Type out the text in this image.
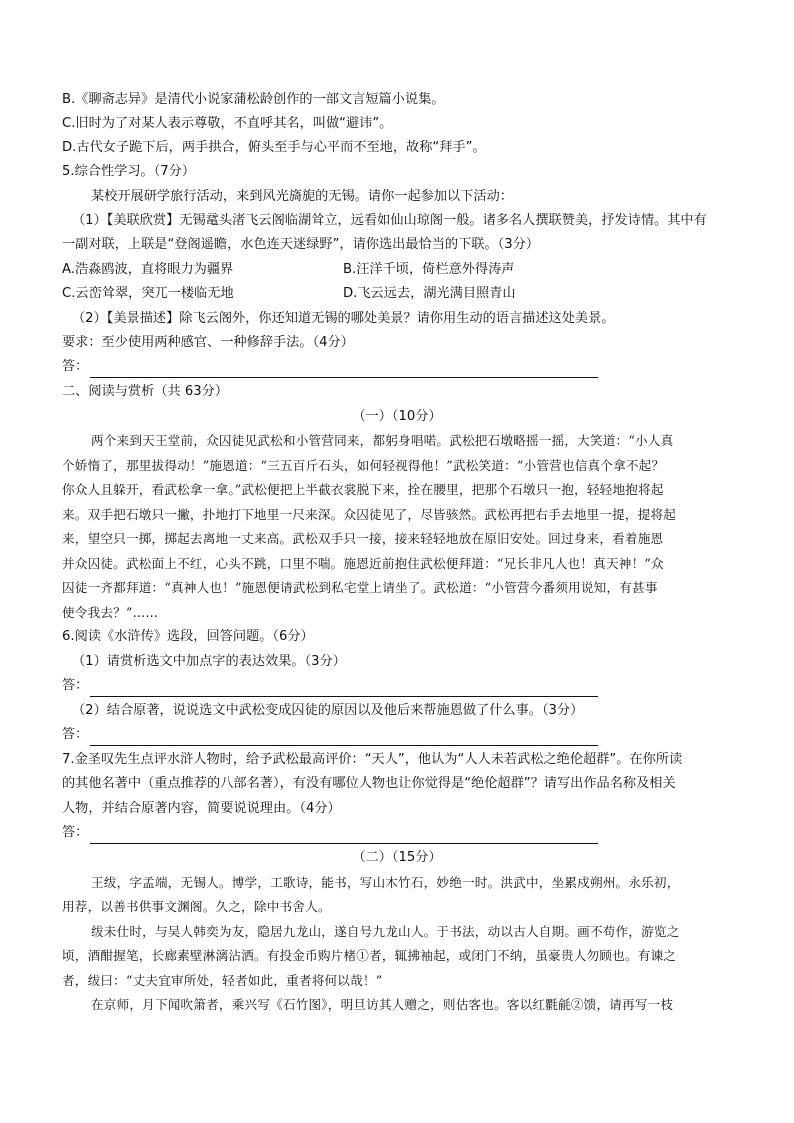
B.《聊斋志异》是清代小说家蒲松龄创作的一部文言短篇小说集。
C.旧时为了对某人表示尊敬，不直呼其名，叫做“避讳”。
D.古代女子跪下后，两手拱合，俯头至手与心平而不至地，故称“拜手”。
5.综合性学习。（7分）
某校开展研学旅行活动，来到风光旖旎的无锡。请你一起参加以下活动：
（1）【美联欣赏】无锡鼋头渚飞云阁临湖耸立，远看如仙山琼阁一般。诸多名人撰联赞美，抒发诗情。其中有
一副对联，上联是“登阁遥瞻，水色连天迷绿野”，请你选出最恰当的下联。（3分）
A.浩淼鸥波，直将眼力为疆界	B.汪洋千顷，倚栏意外得涛声
C.云峦耸翠，突兀一楼临无地	D.飞云远去，湖光满目照青山
（2）【美景描述】除飞云阁外，你还知道无锡的哪处美景？请你用生动的语言描述这处美景。
要求：至少使用两种感官、一种修辞手法。（4分）
答：
二、阅读与赏析（共 63分）
（一）（10分）
两个来到天王堂前，众囚徒见武松和小管营同来，都躬身唱喏。武松把石墩略摇一摇，大笑道：“小人真
个娇惰了，那里拔得动！”施恩道：“三五百斤石头，如何轻视得他！”武松笑道：“小管营也信真个拿不起？
你众人且躲开，看武松拿一拿。”武松便把上半截衣裳脱下来，拴在腰里，把那个石墩只一抱，轻轻地抱将起
来。双手把石墩只一撇，扑地打下地里一尺来深。众囚徒见了，尽皆骇然。武松再把右手去地里一提，提将起
来，望空只一掷，掷起去离地一丈来高。武松双手只一接，接来轻轻地放在原旧安处。回过身来，看着施恩
并众囚徒。武松面上不红，心头不跳，口里不喘。施恩近前抱住武松便拜道：“兄长非凡人也！真天神！”众
囚徒一齐都拜道：“真神人也！”施恩便请武松到私宅堂上请坐了。武松道：“小管营今番须用说知，有甚事
使令我去？”……
6.阅读《水浒传》选段，回答问题。（6分）
（1）请赏析选文中加点字的表达效果。（3分）
答：
（2）结合原著，说说选文中武松变成囚徒的原因以及他后来帮施恩做了什么事。（3分）
答：
7.金圣叹先生点评水浒人物时，给予武松最高评价：“天人”，他认为“人人未若武松之绝伦超群”。在你所读
的其他名著中（重点推荐的八部名著），有没有哪位人物也让你觉得是“绝伦超群”？请写出作品名称及相关
人物，并结合原著内容，简要说说理由。（4分）
答：
（二）（15分）
王绂，字孟端，无锡人。博学，工歌诗，能书，写山木竹石，妙绝一时。洪武中，坐累戍朔州。永乐初，
用荐，以善书供事文渊阁。久之，除中书舍人。
绂未仕时，与吴人韩奕为友，隐居九龙山，遂自号九龙山人。于书法，动以古人自期。画不苟作，游览之
顷，酒酣握笔，长廊素壁淋漓沾洒。有投金币购片楮①者，辄拂袖起，或闭门不纳，虽豪贵人勿顾也。有谏之
者，绂曰：“丈夫宜审所处，轻者如此，重者将何以哉！”
在京师，月下闻吹箫者，乘兴写《石竹图》，明旦访其人赠之，则估客也。客以红氍毹②馈，请再写一枝
